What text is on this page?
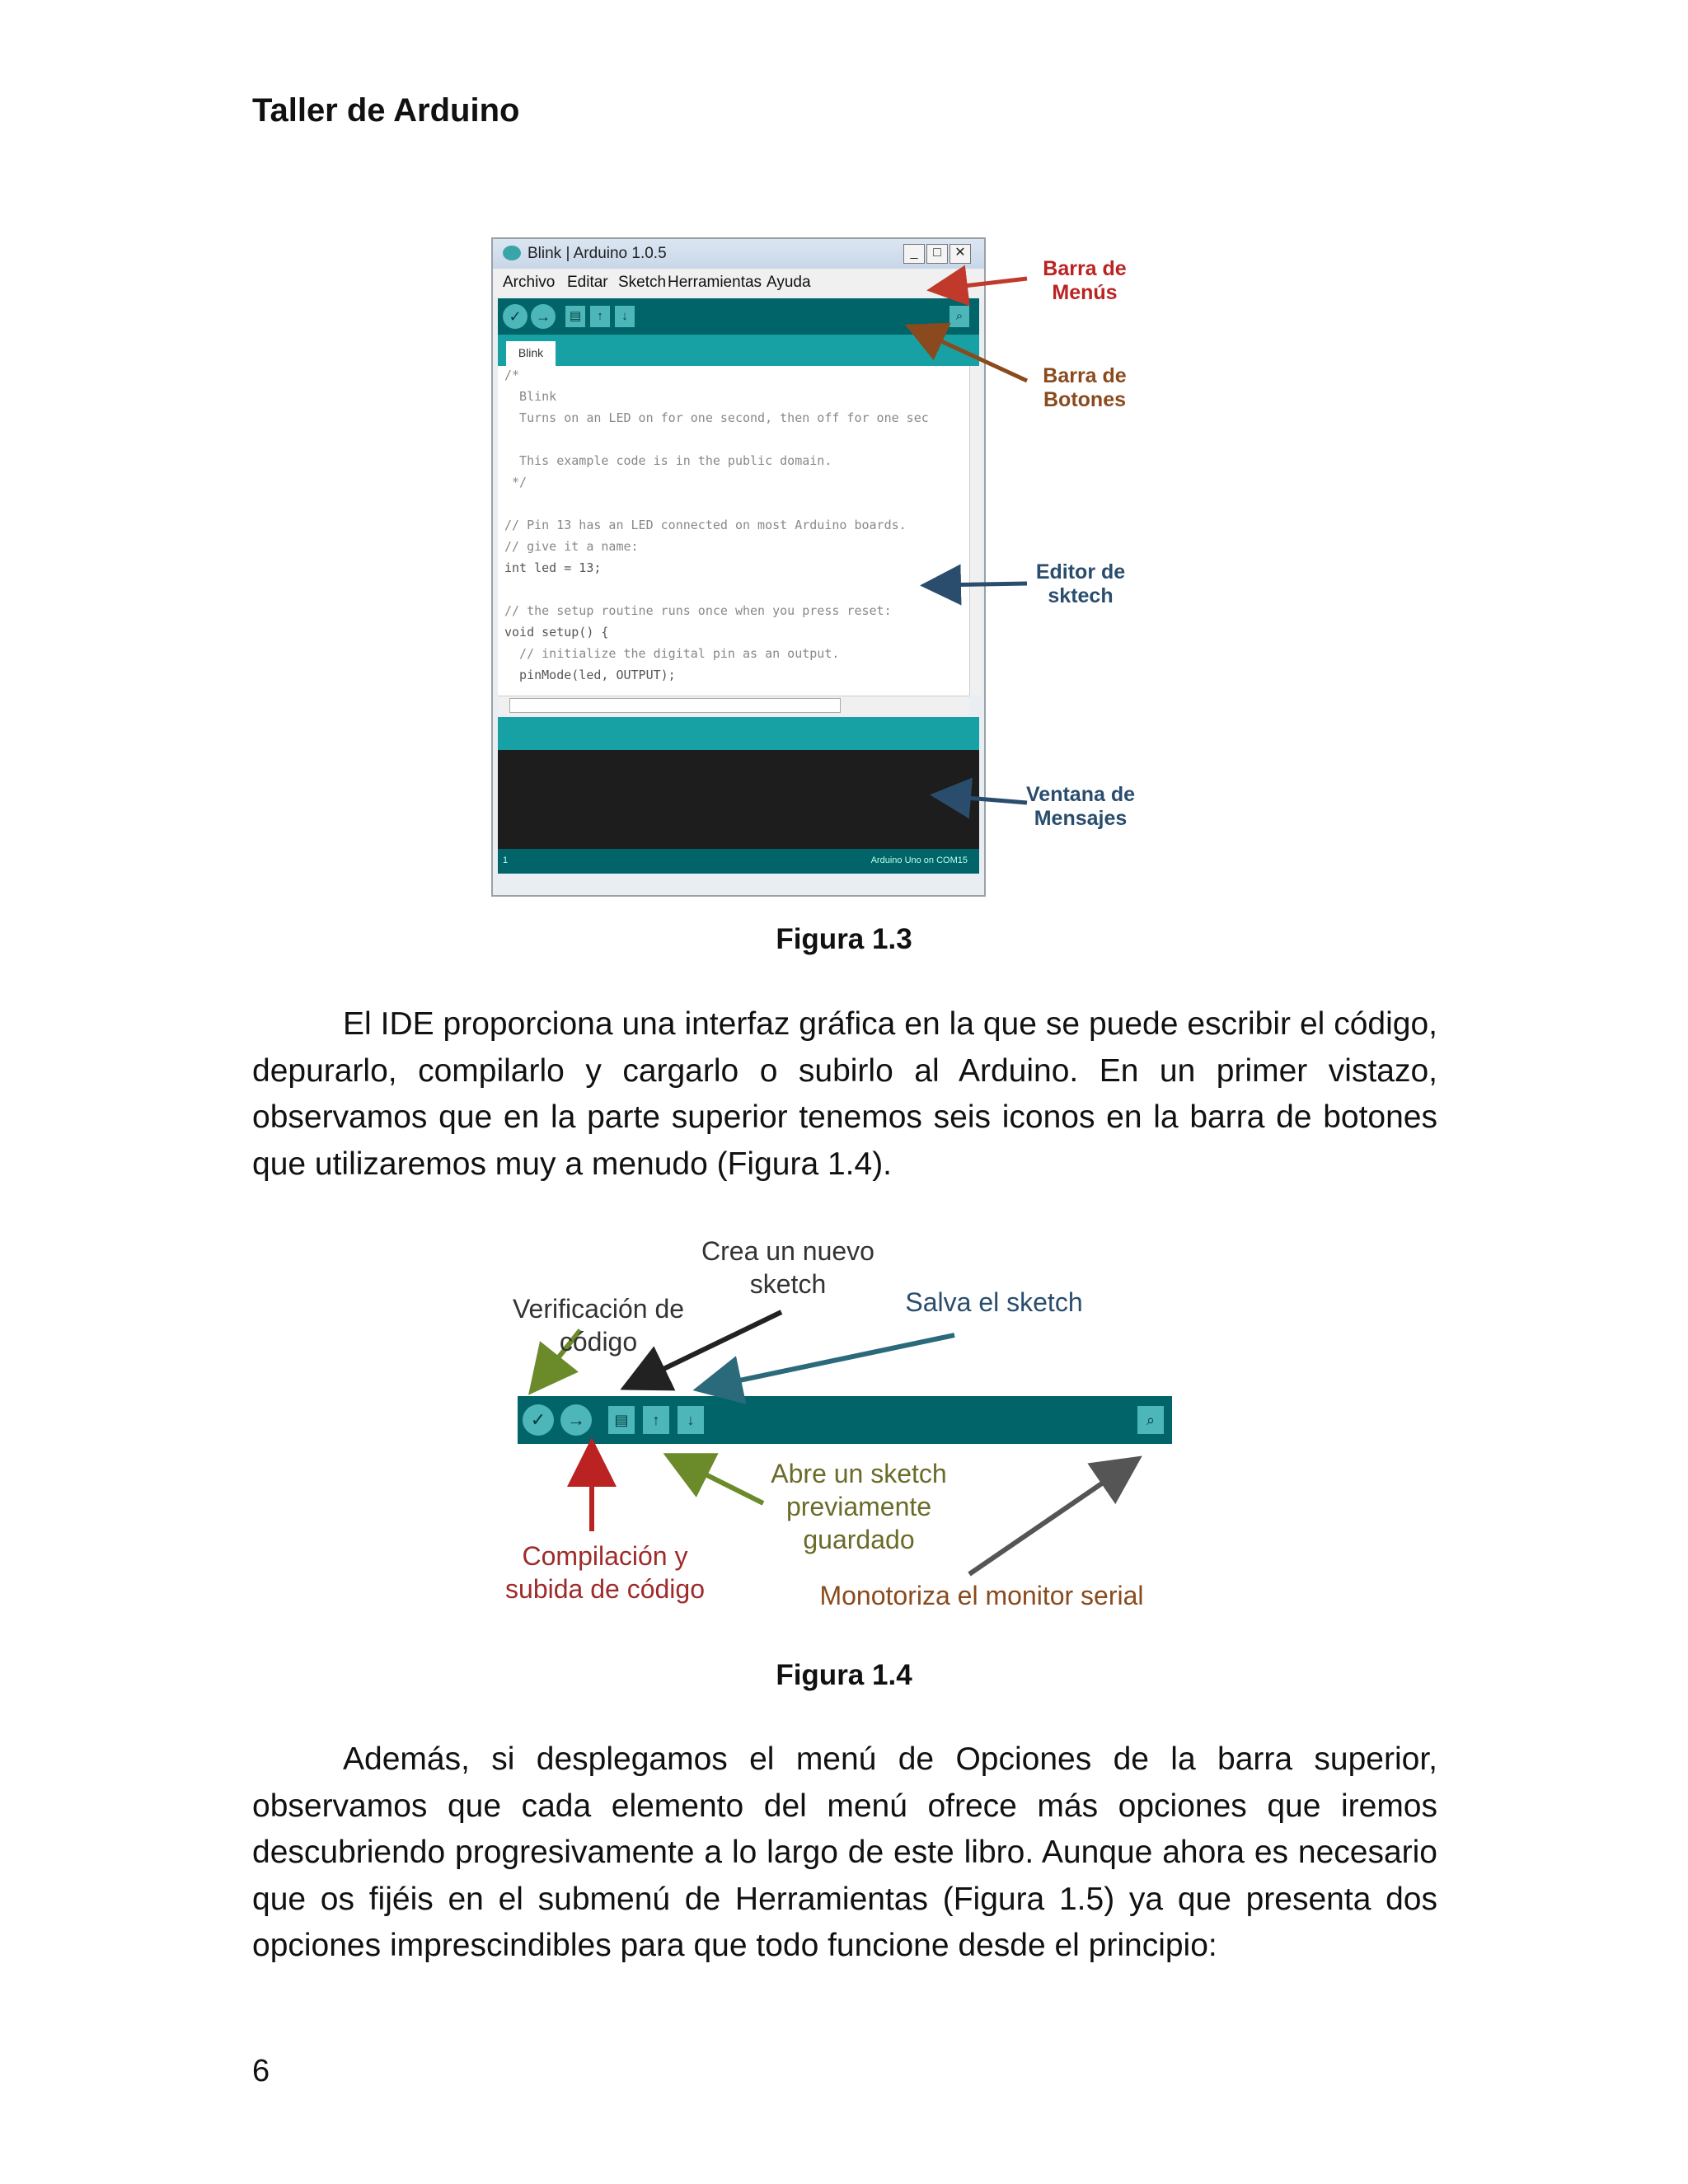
Taller de Arduino
Blink | Arduino 1.0.5	_	□	✕
Archivo Editar Sketch Herramientas Ayuda
✓ →	▤	↑	↓	⌕
Blink
/*
Blink
Turns on an LED on for one second, then off for one sec
This example code is in the public domain.
*/
// Pin 13 has an LED connected on most Arduino boards.
// give it a name:
int led = 13;
// the setup routine runs once when you press reset:
void setup() {
// initialize the digital pin as an output.
pinMode(led, OUTPUT);
1	Arduino Uno on COM15
Barra de
Menús
Barra de
Botones
Editor de
sktech
Ventana de
Mensajes
Figura 1.3
El IDE proporciona una interfaz gráfica en la que se puede escribir el código,
depurarlo, compilarlo y cargarlo o subirlo al Arduino. En un primer vistazo,
observamos que en la parte superior tenemos seis iconos en la barra de botones
que utilizaremos muy a menudo (Figura 1.4).
✓	→	▤	↑	↓	⌕
Verificación de
código
Crea un nuevo
sketch
Salva el sketch
Abre un sketch
previamente
guardado
Compilación y
subida de código	Monotoriza el monitor serial
Figura 1.4
Además, si desplegamos el menú de Opciones de la barra superior,
observamos que cada elemento del menú ofrece más opciones que iremos
descubriendo progresivamente a lo largo de este libro. Aunque ahora es necesario
que os fijéis en el submenú de Herramientas (Figura 1.5) ya que presenta dos
opciones imprescindibles para que todo funcione desde el principio:
6
